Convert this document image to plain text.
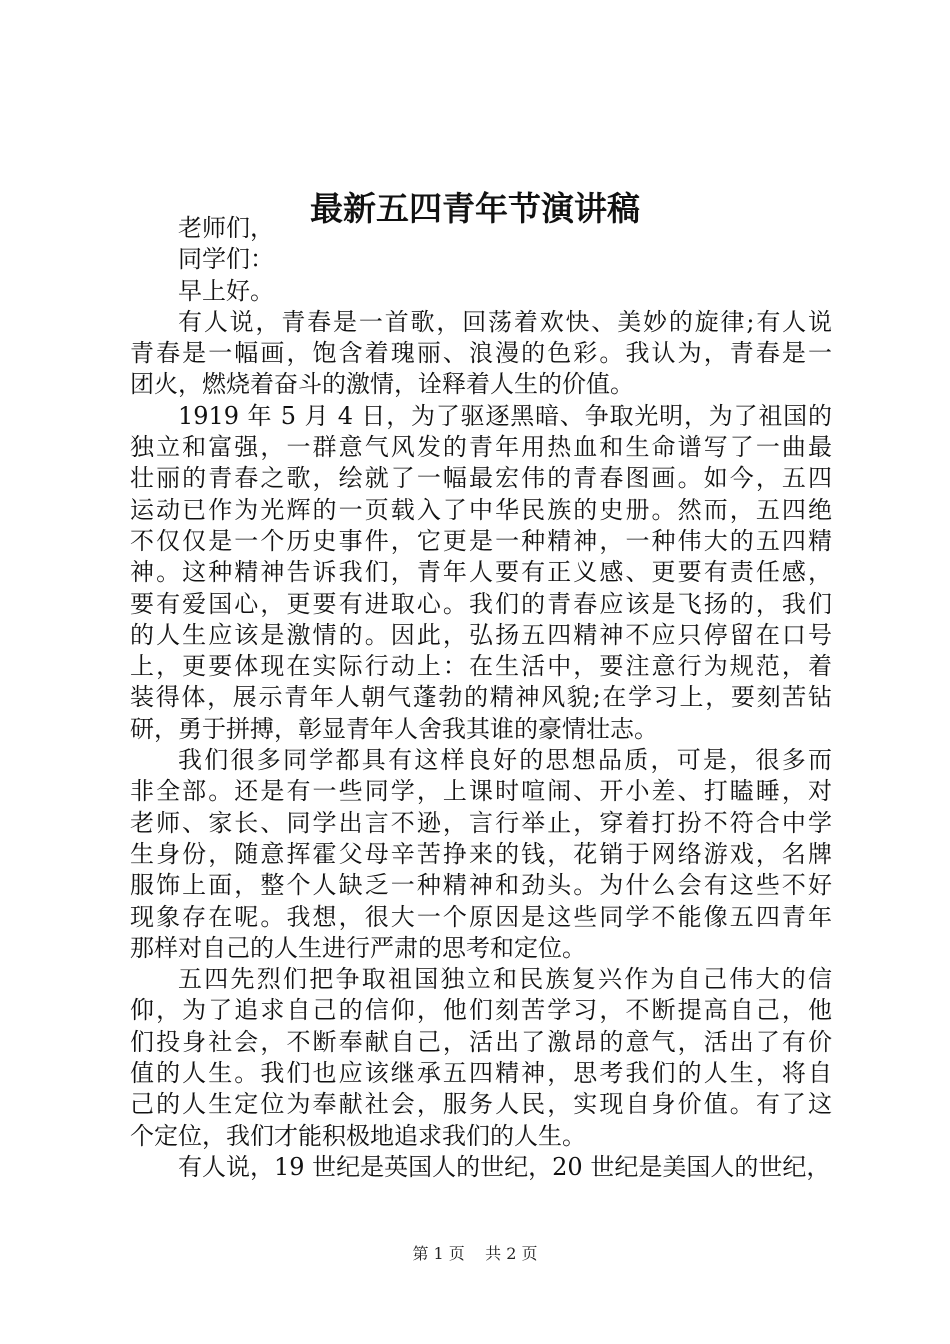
最新五四青年节演讲稿
老师们，
同学们：
早上好。
有人说，青春是一首歌，回荡着欢快、美妙的旋律;有人说
青春是一幅画，饱含着瑰丽、浪漫的色彩。我认为，青春是一
团火，燃烧着奋斗的激情，诠释着人生的价值。
1919 年 5 月 4 日，为了驱逐黑暗、争取光明，为了祖国的
独立和富强，一群意气风发的青年用热血和生命谱写了一曲最
壮丽的青春之歌，绘就了一幅最宏伟的青春图画。如今，五四
运动已作为光辉的一页载入了中华民族的史册。然而，五四绝
不仅仅是一个历史事件，它更是一种精神，一种伟大的五四精
神。这种精神告诉我们，青年人要有正义感、更要有责任感，
要有爱国心，更要有进取心。我们的青春应该是飞扬的，我们
的人生应该是激情的。因此，弘扬五四精神不应只停留在口号
上，更要体现在实际行动上：在生活中，要注意行为规范，着
装得体，展示青年人朝气蓬勃的精神风貌;在学习上，要刻苦钻
研，勇于拼搏，彰显青年人舍我其谁的豪情壮志。
我们很多同学都具有这样良好的思想品质，可是，很多而
非全部。还是有一些同学，上课时喧闹、开小差、打瞌睡，对
老师、家长、同学出言不逊，言行举止，穿着打扮不符合中学
生身份，随意挥霍父母辛苦挣来的钱，花销于网络游戏，名牌
服饰上面，整个人缺乏一种精神和劲头。为什么会有这些不好
现象存在呢。我想，很大一个原因是这些同学不能像五四青年
那样对自己的人生进行严肃的思考和定位。
五四先烈们把争取祖国独立和民族复兴作为自己伟大的信
仰，为了追求自己的信仰，他们刻苦学习，不断提高自己，他
们投身社会，不断奉献自己，活出了激昂的意气，活出了有价
值的人生。我们也应该继承五四精神，思考我们的人生，将自
己的人生定位为奉献社会，服务人民，实现自身价值。有了这
个定位，我们才能积极地追求我们的人生。
有人说，19 世纪是英国人的世纪，20 世纪是美国人的世纪，
第 1 页 共 2 页
